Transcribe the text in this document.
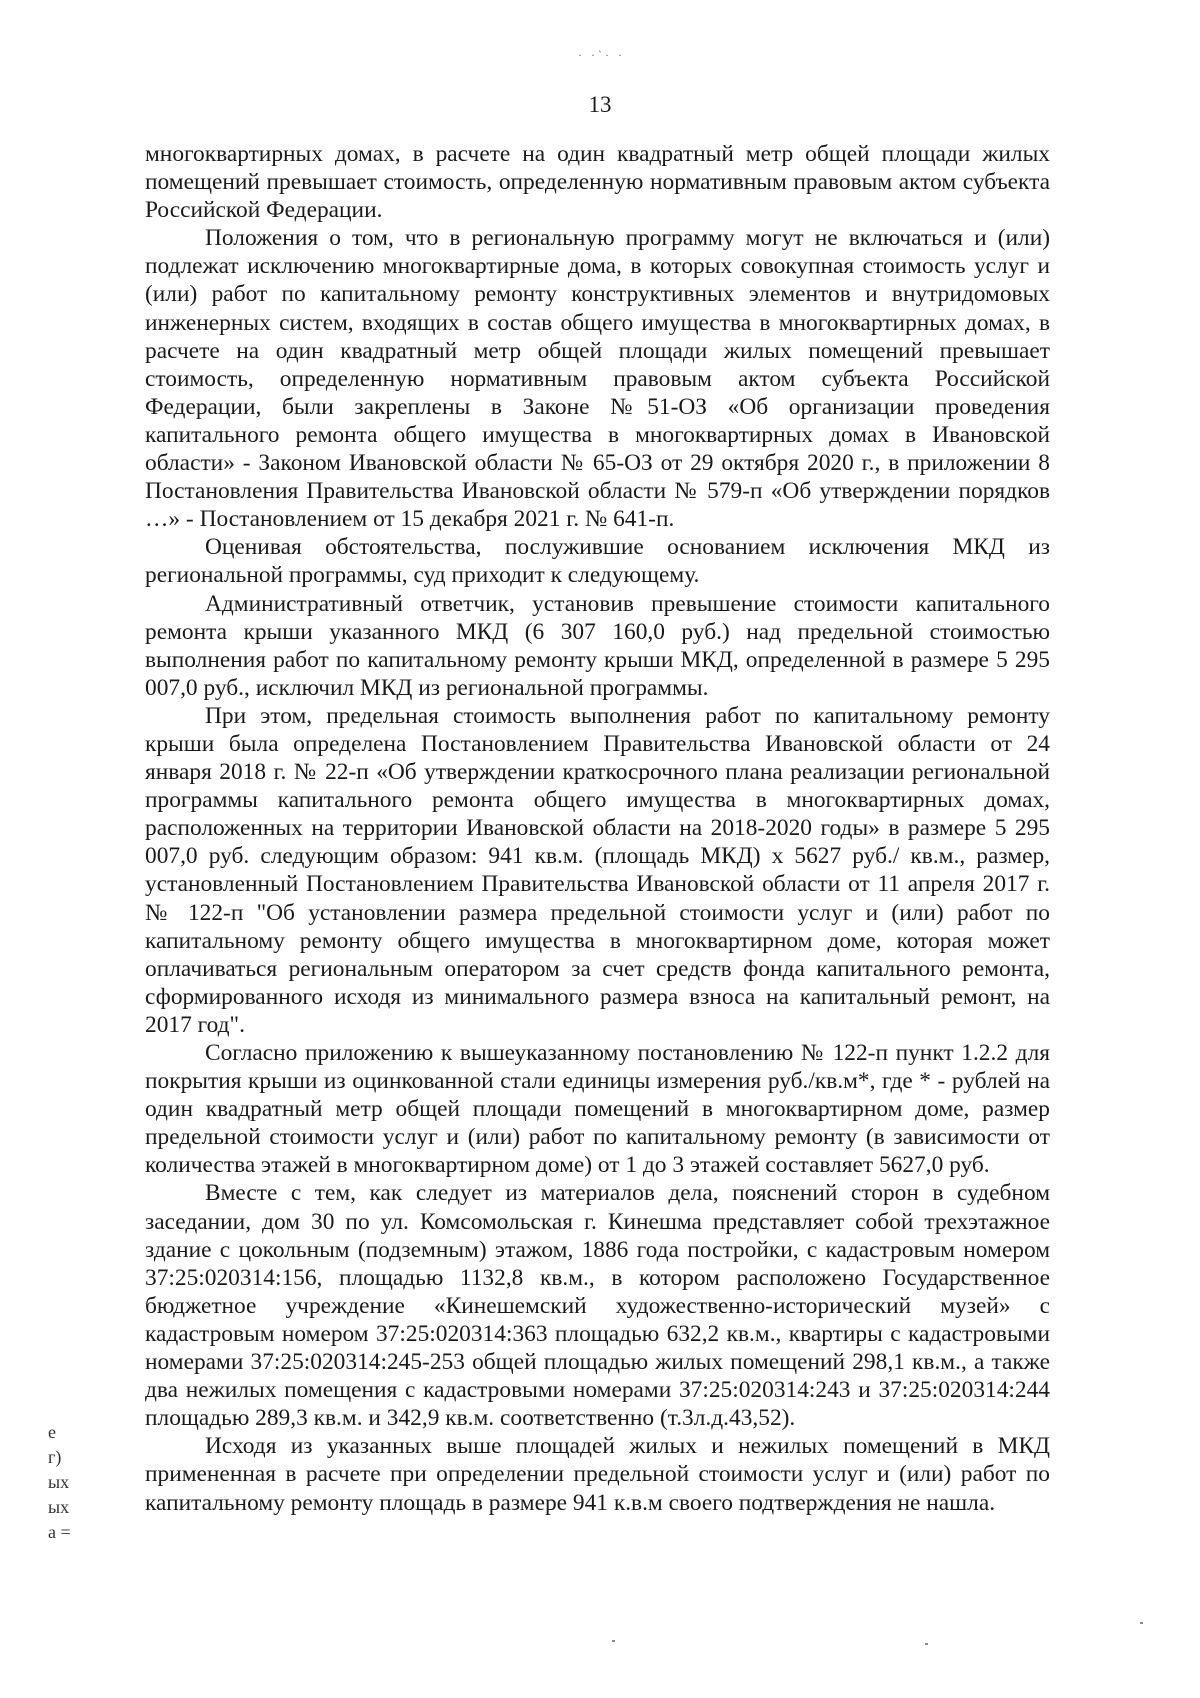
· ·`· ·
13

многоквартирных домах, в расчете на один квадратный метр общей площади жилых помещений превышает стоимость, определенную нормативным правовым актом субъекта Российской Федерации.

Положения о том, что в региональную программу могут не включаться и (или) подлежат исключению многоквартирные дома, в которых совокупная стоимость услуг и (или) работ по капитальному ремонту конструктивных элементов и внутридомовых инженерных систем, входящих в состав общего имущества в многоквартирных домах, в расчете на один квадратный метр общей площади жилых помещений превышает стоимость, определенную нормативным правовым актом субъекта Российской Федерации, были закреплены в Законе №51-ОЗ «Об организации проведения капитального ремонта общего имущества в многоквартирных домах в Ивановской области» - Законом Ивановской области № 65-ОЗ от 29 октября 2020 г., в приложении 8 Постановления Правительства Ивановской области № 579-п «Об утверждении порядков …» - Постановлением от 15 декабря 2021 г. № 641-п.

Оценивая обстоятельства, послужившие основанием исключения МКД из региональной программы, суд приходит к следующему.

Административный ответчик, установив превышение стоимости капитального ремонта крыши указанного МКД (6 307 160,0 руб.) над предельной стоимостью выполнения работ по капитальному ремонту крыши МКД, определенной в размере 5 295 007,0 руб., исключил МКД из региональной программы.

При этом, предельная стоимость выполнения работ по капитальному ремонту крыши была определена Постановлением Правительства Ивановской области от 24 января 2018 г. № 22-п «Об утверждении краткосрочного плана реализации региональной программы капитального ремонта общего имущества в многоквартирных домах, расположенных на территории Ивановской области на 2018-2020 годы» в размере 5 295 007,0 руб. следующим образом: 941 кв.м. (площадь МКД) х 5627 руб./ кв.м., размер, установленный Постановлением Правительства Ивановской области от 11 апреля 2017 г. № 122-п "Об установлении размера предельной стоимости услуг и (или) работ по капитальному ремонту общего имущества в многоквартирном доме, которая может оплачиваться региональным оператором за счет средств фонда капитального ремонта, сформированного исходя из минимального размера взноса на капитальный ремонт, на 2017 год".

Согласно приложению к вышеуказанному постановлению № 122-п пункт 1.2.2 для покрытия крыши из оцинкованной стали единицы измерения руб./кв.м*, где * - рублей на один квадратный метр общей площади помещений в многоквартирном доме, размер предельной стоимости услуг и (или) работ по капитальному ремонту (в зависимости от количества этажей в многоквартирном доме) от 1 до 3 этажей составляет 5627,0 руб.

Вместе с тем, как следует из материалов дела, пояснений сторон в судебном заседании, дом 30 по ул. Комсомольская г. Кинешма представляет собой трехэтажное здание с цокольным (подземным) этажом, 1886 года постройки, с кадастровым номером 37:25:020314:156, площадью 1132,8 кв.м., в котором расположено Государственное бюджетное учреждение «Кинешемский художественно-исторический музей» с кадастровым номером 37:25:020314:363 площадью 632,2 кв.м., квартиры с кадастровыми номерами 37:25:020314:245-253 общей площадью жилых помещений 298,1 кв.м., а также два нежилых помещения с кадастровыми номерами 37:25:020314:243 и 37:25:020314:244 площадью 289,3 кв.м. и 342,9 кв.м. соответственно (т.3л.д.43,52).

Исходя из указанных выше площадей жилых и нежилых помещений в МКД примененная в расчете при определении предельной стоимости услуг и (или) работ по капитальному ремонту площадь в размере 941 к.в.м своего подтверждения не нашла.

е
г)
ых
ых
а =
